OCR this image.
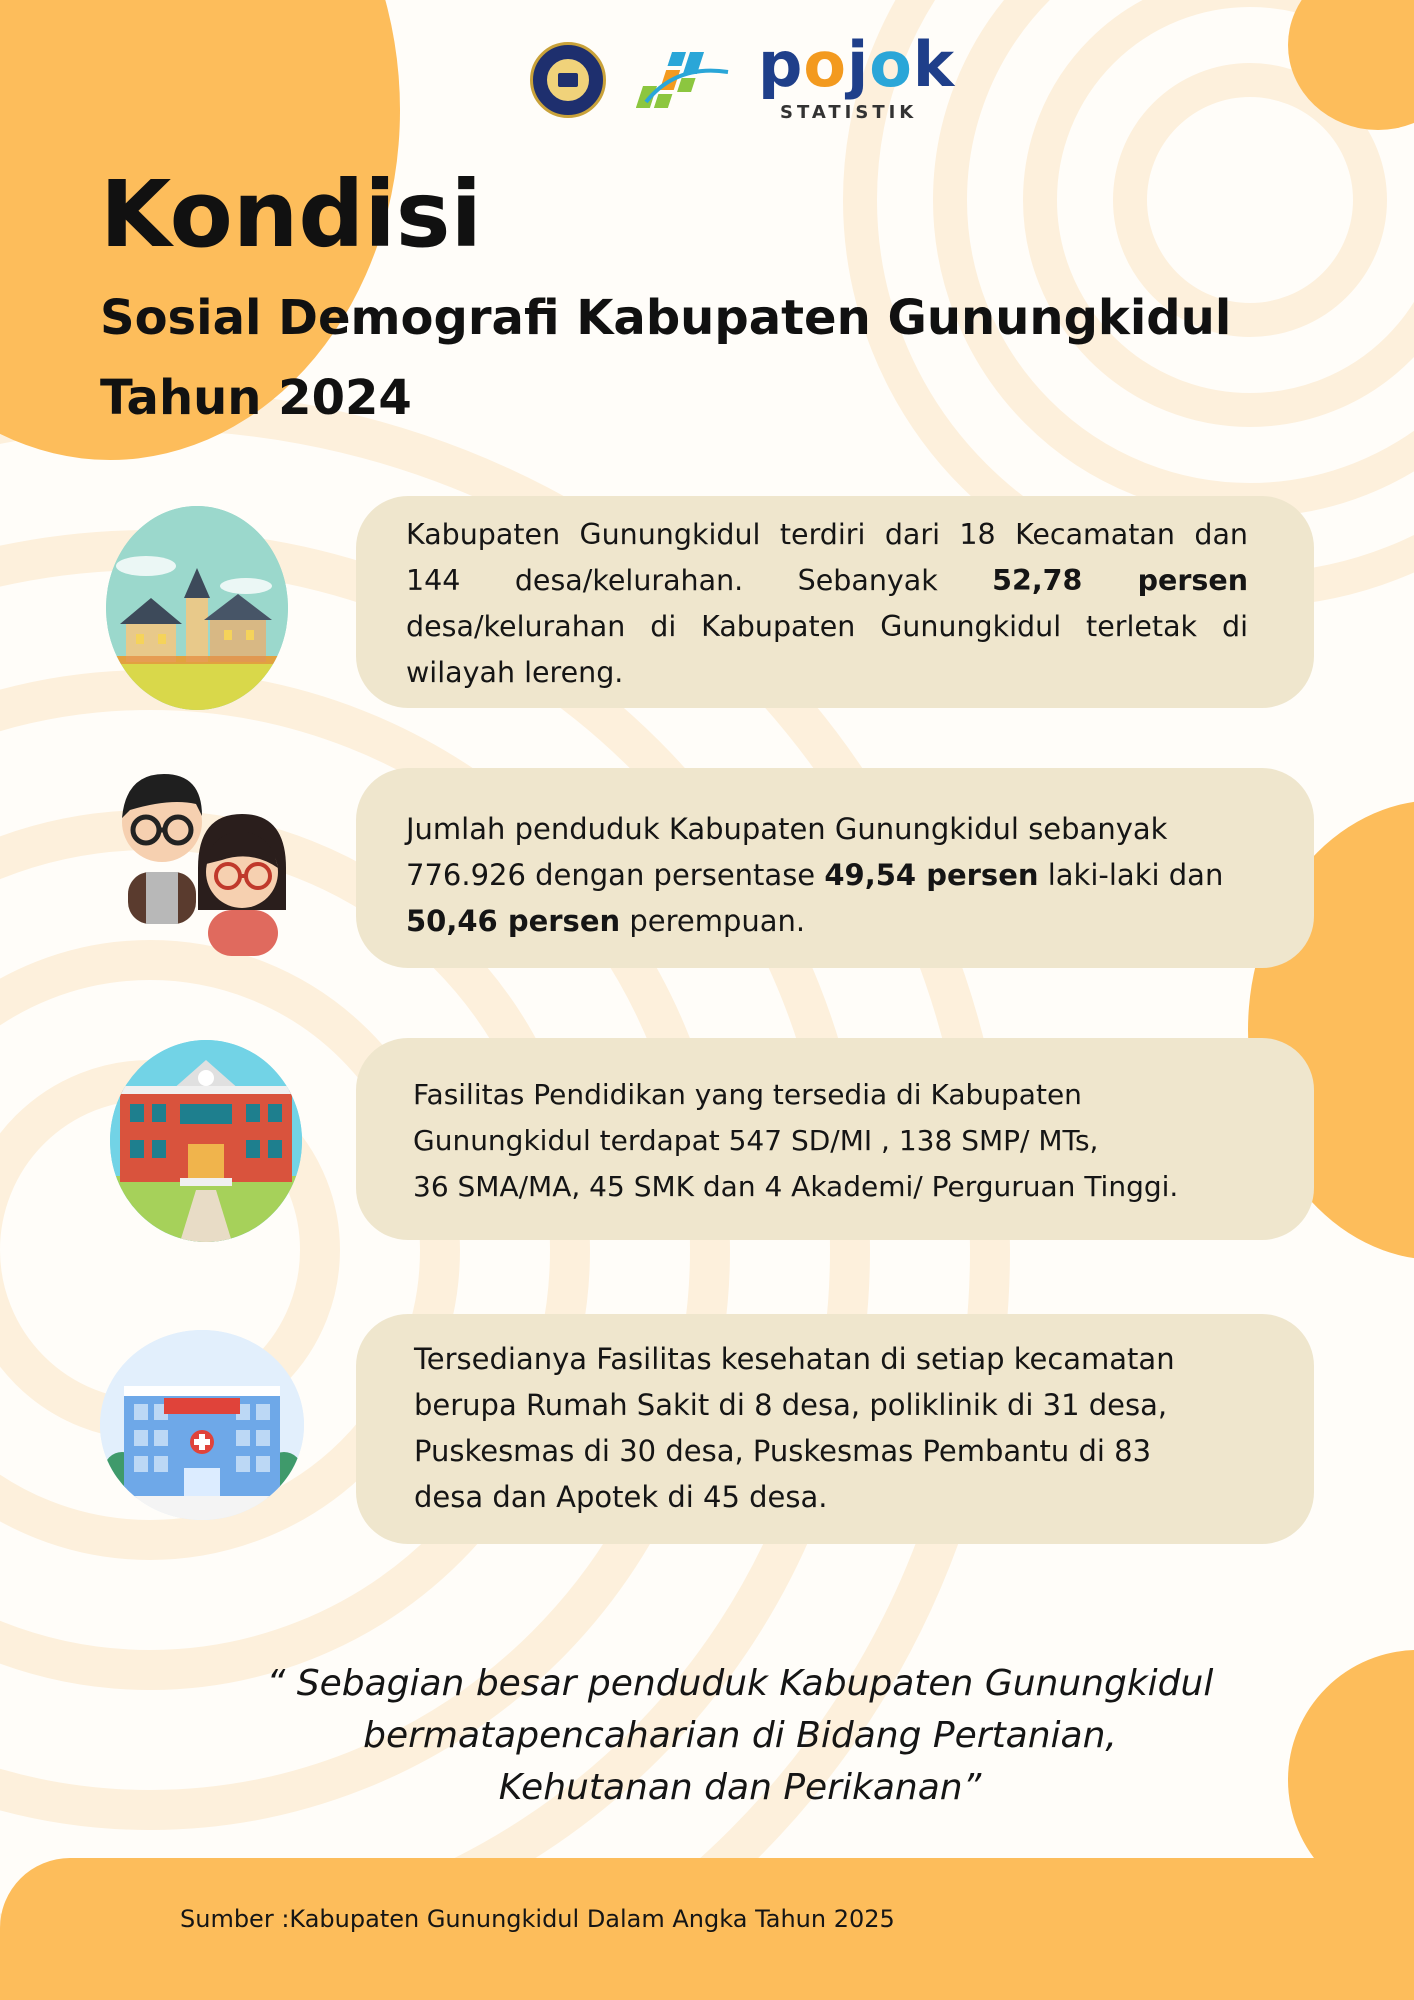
pojok
STATISTIK
Kondisi
Sosial Demografi Kabupaten Gunungkidul
Tahun 2024

Kabupaten Gunungkidul terdiri dari 18 Kecamatan dan 144 desa/kelurahan. Sebanyak 52,78 persen desa/kelurahan di Kabupaten Gunungkidul terletak di wilayah lereng.

Jumlah penduduk Kabupaten Gunungkidul sebanyak 776.926 dengan persentase 49,54 persen laki-laki dan 50,46 persen perempuan.

Fasilitas Pendidikan yang tersedia di Kabupaten
Gunungkidul terdapat 547 SD/MI , 138 SMP/ MTs,
36 SMA/MA, 45 SMK dan 4 Akademi/ Perguruan Tinggi.

Tersedianya Fasilitas kesehatan di setiap kecamatan
berupa Rumah Sakit di 8 desa, poliklinik di 31 desa,
Puskesmas di 30 desa, Puskesmas Pembantu di 83
desa dan Apotek di 45 desa.

“ Sebagian besar penduduk Kabupaten Gunungkidul
bermatapencaharian di Bidang Pertanian,
Kehutanan dan Perikanan”

Sumber :Kabupaten Gunungkidul Dalam Angka Tahun 2025
